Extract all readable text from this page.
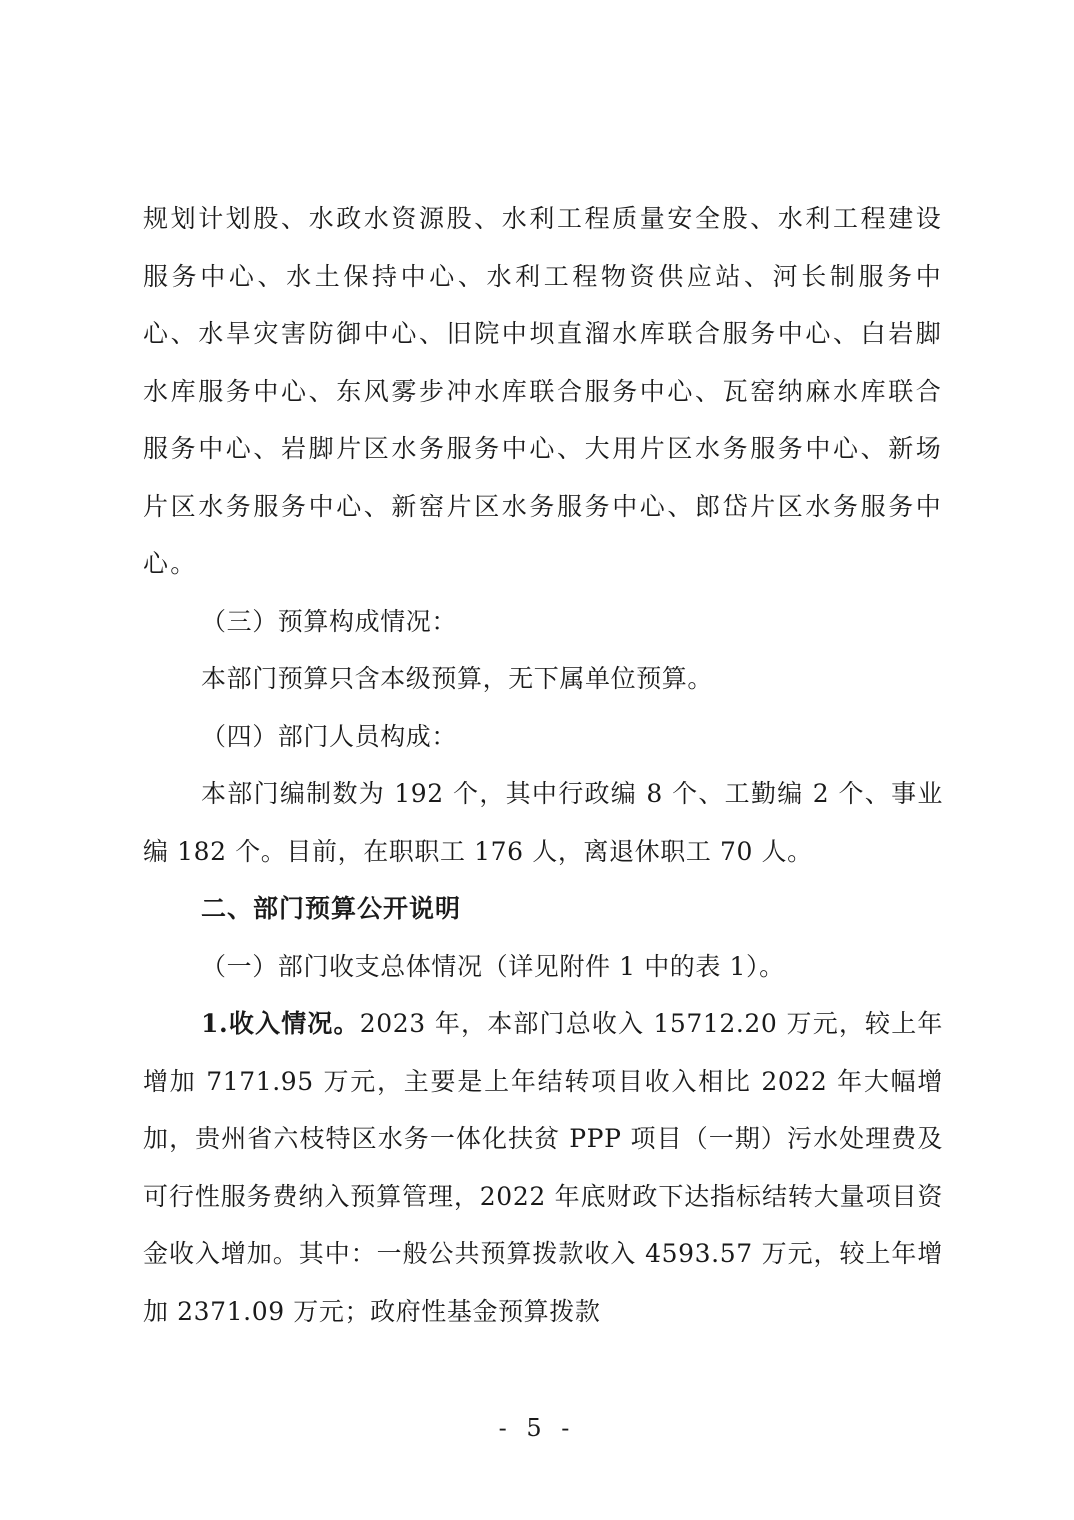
规划计划股、水政水资源股、水利工程质量安全股、水利工程建设服务中心、水土保持中心、水利工程物资供应站、河长制服务中心、水旱灾害防御中心、旧院中坝直溜水库联合服务中心、白岩脚水库服务中心、东风雾步冲水库联合服务中心、瓦窑纳麻水库联合服务中心、岩脚片区水务服务中心、大用片区水务服务中心、新场片区水务服务中心、新窑片区水务服务中心、郎岱片区水务服务中心。

（三）预算构成情况：

本部门预算只含本级预算，无下属单位预算。

（四）部门人员构成：

本部门编制数为 192 个，其中行政编 8 个、工勤编 2 个、事业编 182 个。目前，在职职工 176 人，离退休职工 70 人。

二、部门预算公开说明

（一）部门收支总体情况（详见附件 1 中的表 1）。

1.收入情况。2023 年，本部门总收入 15712.20 万元，较上年增加 7171.95 万元，主要是上年结转项目收入相比 2022 年大幅增加，贵州省六枝特区水务一体化扶贫 PPP 项目（一期）污水处理费及可行性服务费纳入预算管理，2022 年底财政下达指标结转大量项目资金收入增加。其中：一般公共预算拨款收入 4593.57 万元，较上年增加 2371.09 万元；政府性基金预算拨款

- 5 -
